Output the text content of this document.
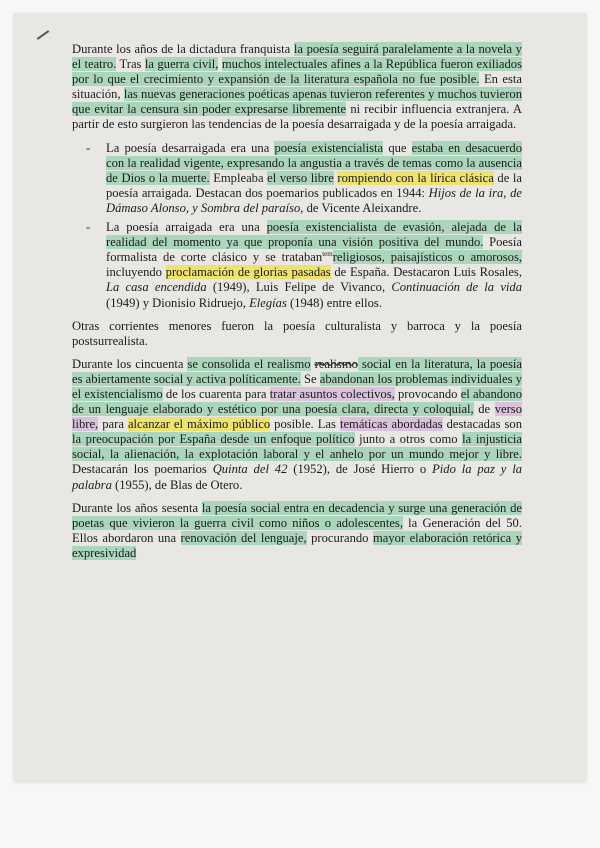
Durante los años de la dictadura franquista la poesía seguirá paralelamente a la novela y el teatro. Tras la guerra civil, muchos intelectuales afines a la República fueron exiliados por lo que el crecimiento y expansión de la literatura española no fue posible. En esta situación, las nuevas generaciones poéticas apenas tuvieron referentes y muchos tuvieron que evitar la censura sin poder expresarse libremente ni recibir influencia extranjera. A partir de esto surgieron las tendencias de la poesía desarraigada y de la poesía arraigada.

- La poesía desarraigada era una poesía existencialista que estaba en desacuerdo con la realidad vigente, expresando la angustia a través de temas como la ausencia de Dios o la muerte. Empleaba el verso libre rompiendo con la lírica clásica de la poesía arraigada. Destacan dos poemarios publicados en 1944: Hijos de la ira, de Dámaso Alonso, y Sombra del paraíso, de Vicente Aleixandre.
- La poesía arraigada era una poesía existencialista de evasión, alejada de la realidad del momento ya que proponía una visión positiva del mundo. Poesía formalista de corte clásico y se trataban$^{tem}$religiosos, paisajísticos o amorosos, incluyendo proclamación de glorias pasadas de España. Destacaron Luis Rosales, La casa encendida (1949), Luis Felipe de Vivanco, Continuación de la vida (1949) y Dionisio Ridruejo, Elegías (1948) entre ellos.

Otras corrientes menores fueron la poesía culturalista y barroca y la poesía postsurrealista.

Durante los cincuenta se consolida el realismo realismo social en la literatura, la poesía es abiertamente social y activa políticamente. Se abandonan los problemas individuales y el existencialismo de los cuarenta para tratar asuntos colectivos, provocando el abandono de un lenguaje elaborado y estético por una poesía clara, directa y coloquial, de verso libre, para alcanzar el máximo público posible. Las temáticas abordadas destacadas son la preocupación por España desde un enfoque político junto a otros como la injusticia social, la alienación, la explotación laboral y el anhelo por un mundo mejor y libre. Destacarán los poemarios Quinta del 42 (1952), de José Hierro o Pido la paz y la palabra (1955), de Blas de Otero.

Durante los años sesenta la poesía social entra en decadencia y surge una generación de poetas que vivieron la guerra civil como niños o adolescentes, la Generación del 50. Ellos abordaron una renovación del lenguaje, procurando mayor elaboración retórica y expresividad
